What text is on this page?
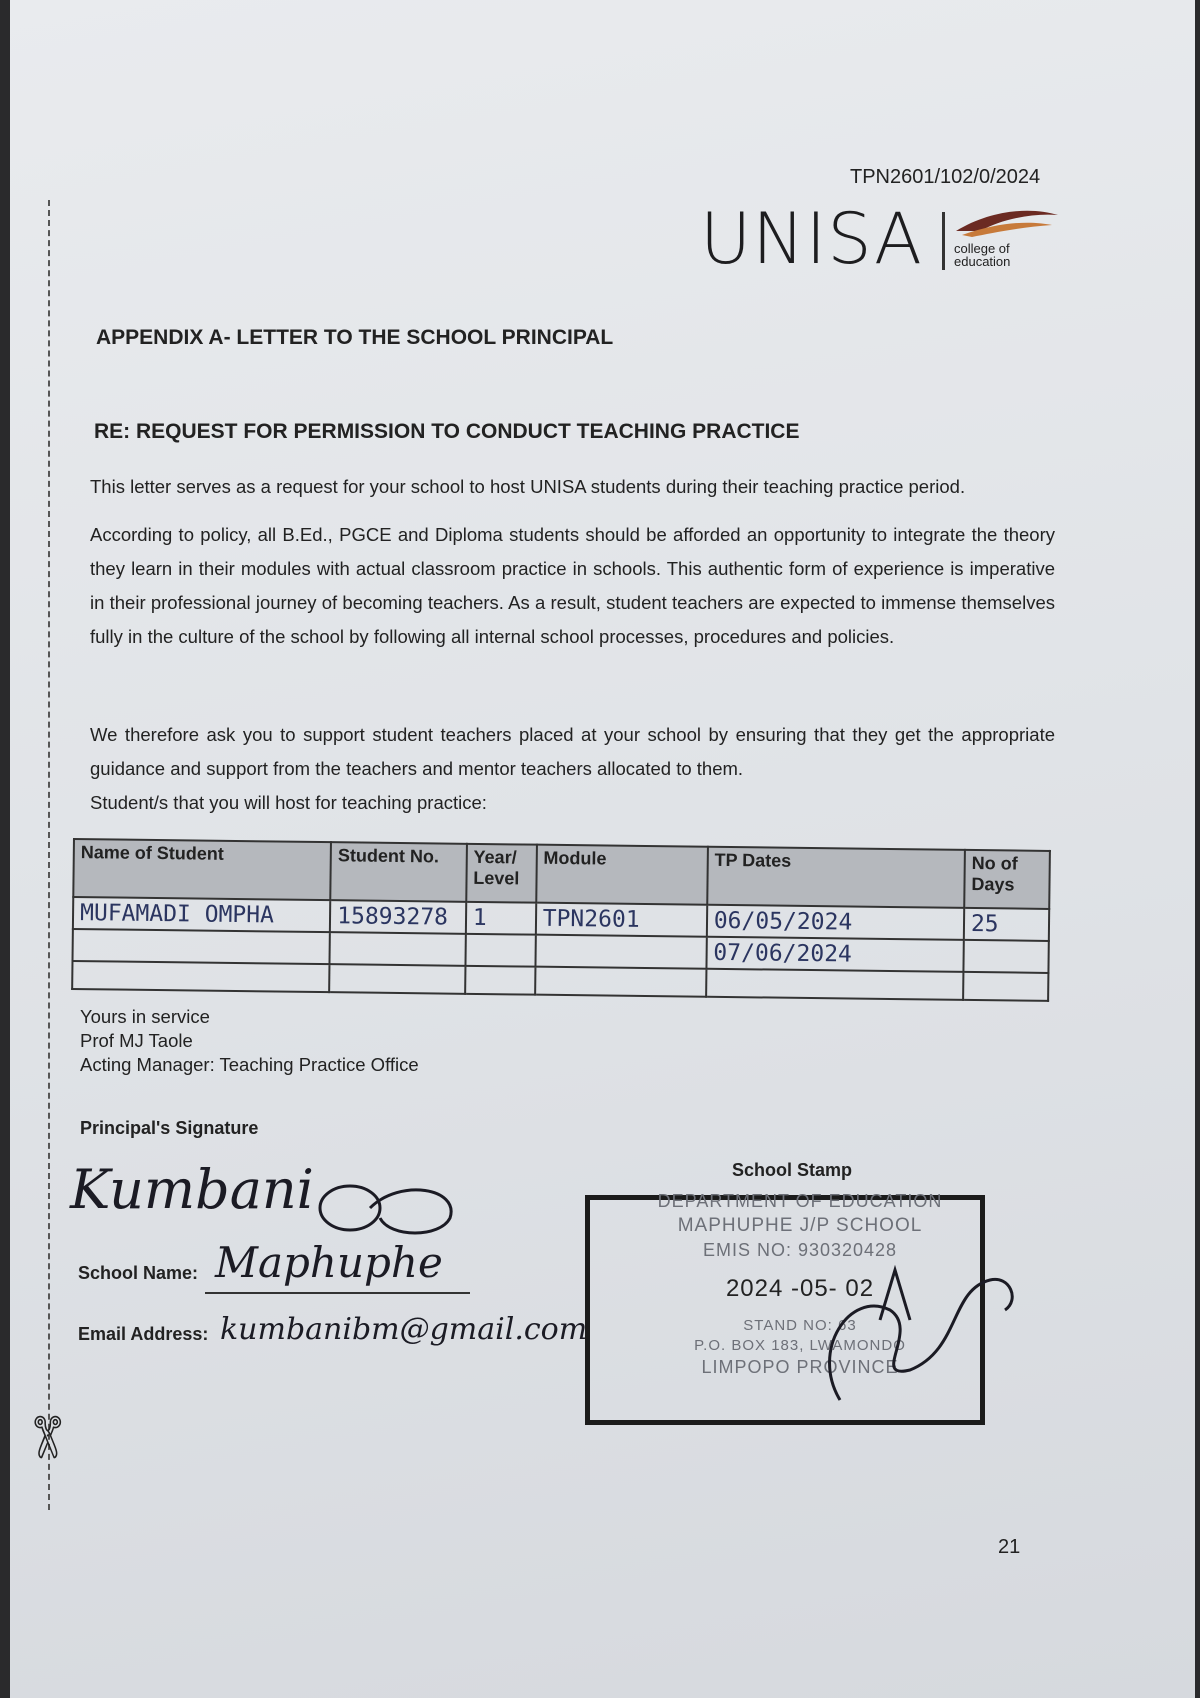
✄
TPN2601/102/0/2024
UNISA college of
education
APPENDIX A- LETTER TO THE SCHOOL PRINCIPAL
RE: REQUEST FOR PERMISSION TO CONDUCT TEACHING PRACTICE
This letter serves as a request for your school to host UNISA students during their teaching practice period.
According to policy, all B.Ed., PGCE and Diploma students should be afforded an opportunity to integrate the theory they learn in their modules with actual classroom practice in schools. This authentic form of experience is imperative in their professional journey of becoming teachers. As a result, student teachers are expected to immense themselves fully in the culture of the school by following all internal school processes, procedures and policies.
We therefore ask you to support student teachers placed at your school by ensuring that they get the appropriate guidance and support from the teachers and mentor teachers allocated to them.
Student/s that you will host for teaching practice:
Name of Student	Student No.	Year/ Level	Module	TP Dates	No of Days
MUFAMADI OMPHA	15893278	1	TPN2601	06/05/2024	25
				07/06/2024	

Yours in service
Prof MJ Taole
Acting Manager: Teaching Practice Office
Principal's Signature
Kumbani
School Name: Maphuphe
Email Address: kumbanibm@gmail.com
School Stamp
DEPARTMENT OF EDUCATION
MAPHUPHE J/P SCHOOL
EMIS NO: 930320428
2024 -05- 02
STAND NO: 63
P.O. BOX 183, LWAMONDO
LIMPOPO PROVINCE
21
